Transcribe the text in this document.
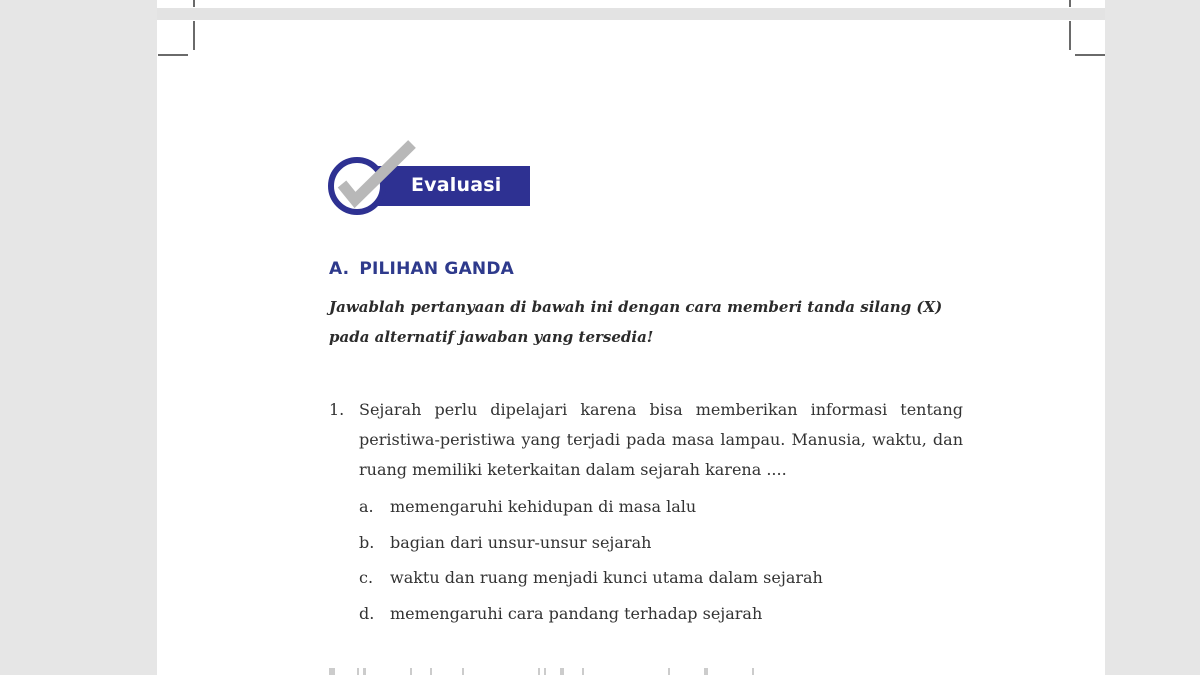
Evaluasi
A. PILIHAN GANDA
Jawablah pertanyaan di bawah ini dengan cara memberi tanda silang (X) pada alternatif jawaban yang tersedia!
1. Sejarah perlu dipelajari karena bisa memberikan informasi tentang peristiwa-peristiwa yang terjadi pada masa lampau. Manusia, waktu, dan ruang memiliki keterkaitan dalam sejarah karena ....
a.	memengaruhi kehidupan di masa lalu
b. bagian dari unsur-unsur sejarah
c.	waktu dan ruang menjadi kunci utama dalam sejarah
d. memengaruhi cara pandang terhadap sejarah
